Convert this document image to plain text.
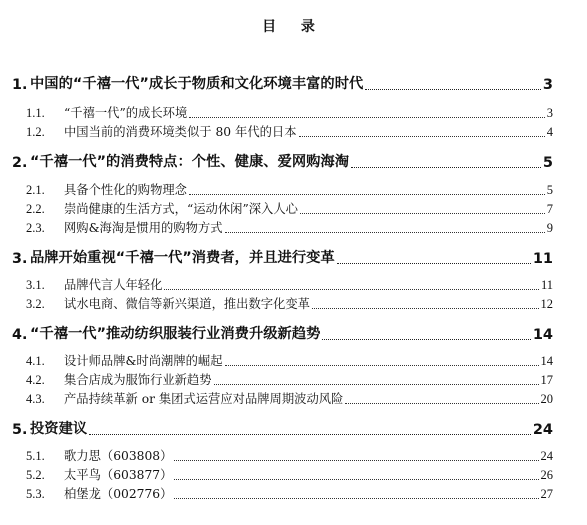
目 录
1. 中国的“千禧一代”成长于物质和文化环境丰富的时代	3
1.1.	“千禧一代”的成长环境	3
1.2.	中国当前的消费环境类似于 80 年代的日本	4
2. “千禧一代”的消费特点：个性、健康、爱网购海淘	5
2.1.	具备个性化的购物理念	5
2.2.	崇尚健康的生活方式，“运动休闲”深入人心	7
2.3.	网购&海淘是惯用的购物方式	9
3. 品牌开始重视“千禧一代”消费者，并且进行变革	11
3.1.	品牌代言人年轻化	11
3.2.	试水电商、微信等新兴渠道，推出数字化变革	12
4. “千禧一代”推动纺织服装行业消费升级新趋势	14
4.1.	设计师品牌&时尚潮牌的崛起	14
4.2.	集合店成为服饰行业新趋势	17
4.3.	产品持续革新 or 集团式运营应对品牌周期波动风险	20
5. 投资建议	24
5.1.	歌力思（603808）	24
5.2.	太平鸟（603877）	26
5.3.	柏堡龙（002776）	27
